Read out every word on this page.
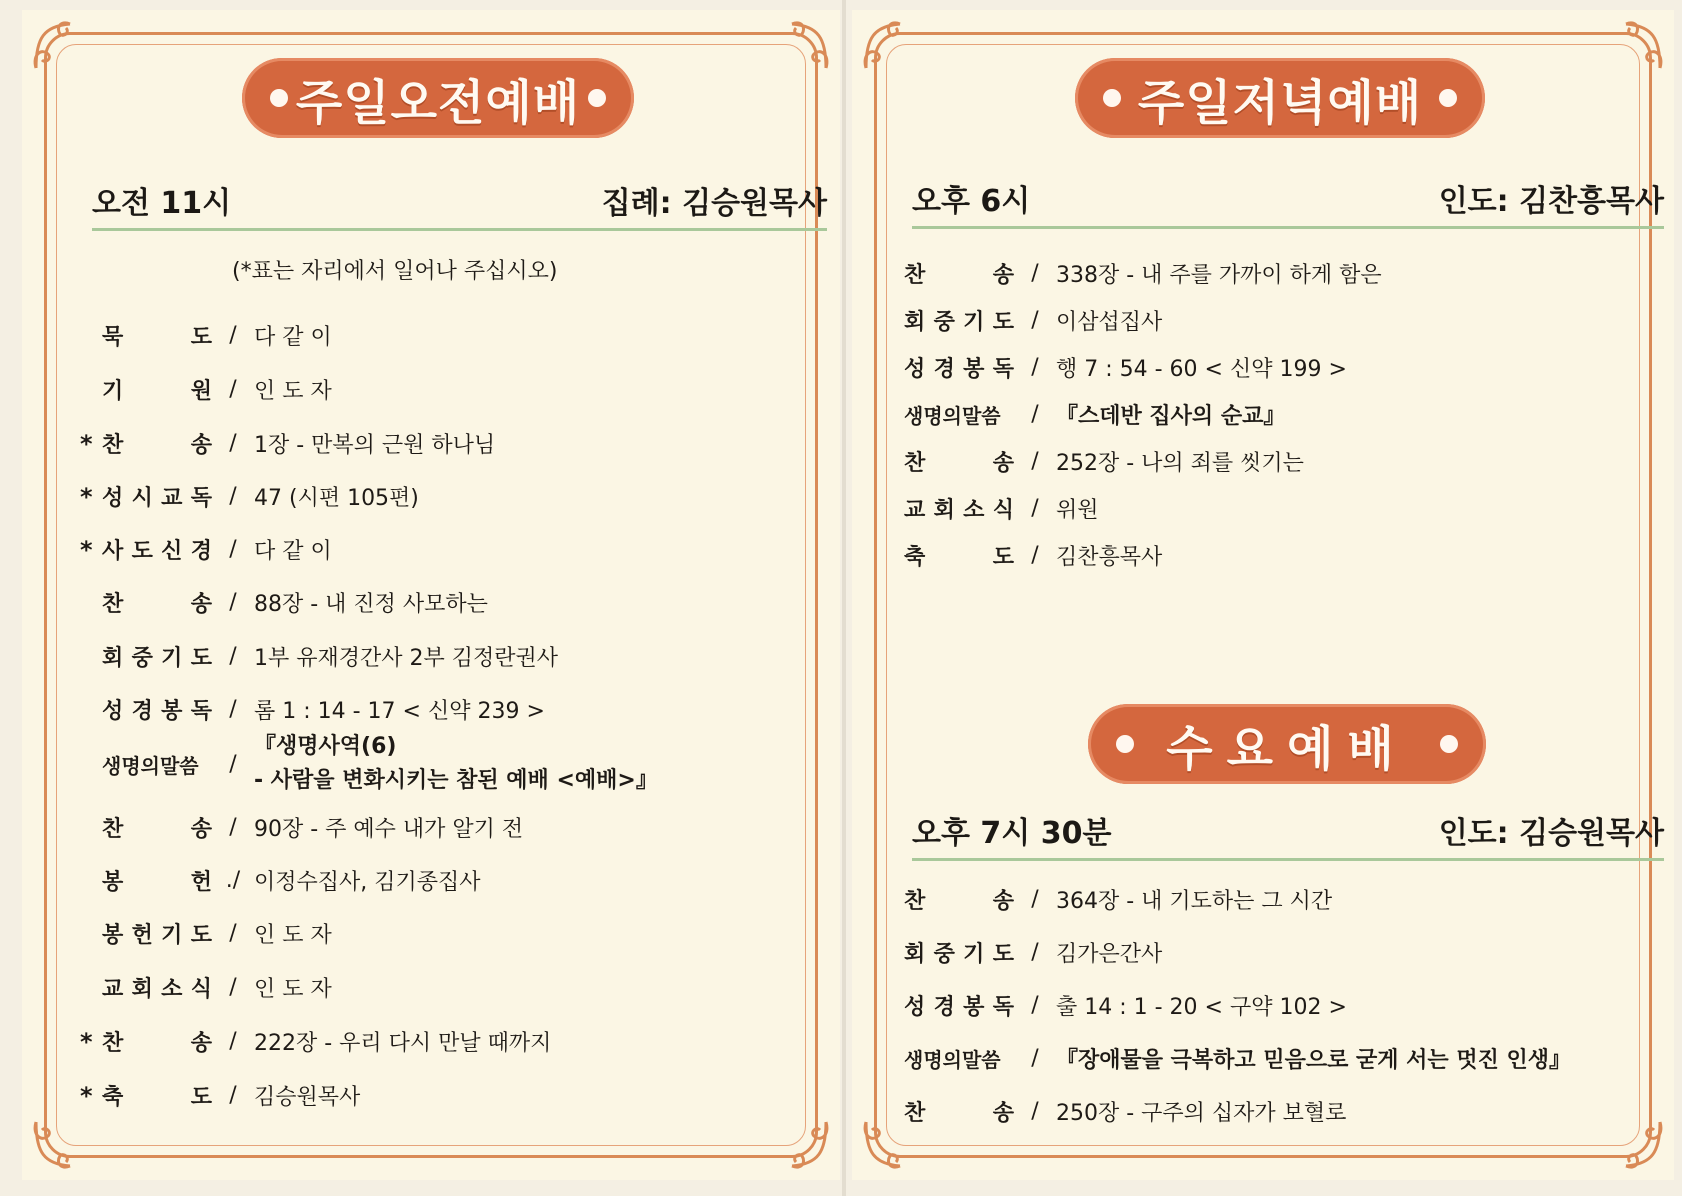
주일오전예배
오전 11시	집례: 김승원목사
(*표는 자리에서 일어나 주십시오)
묵	도 / 다 같 이
기	원 / 인 도 자
* 찬	송 / 1장 - 만복의 근원 하나님
* 성 시 교 독 / 47 (시편 105편)
* 사 도 신 경 / 다 같 이
찬	송 / 88장 - 내 진정 사모하는
회 중 기 도 / 1부 유재경간사 2부 김정란권사
성 경 봉 독 / 롬 1 : 14 - 17 < 신약 239 >
생명의말씀	/
『생명사역(6)
- 사람을 변화시키는 참된 예배 <예배>』
찬	송 / 90장 - 주 예수 내가 알기 전
봉	헌 ./ 이정수집사, 김기종집사
봉 헌 기 도 / 인 도 자
교 회 소 식 / 인 도 자
* 찬	송 / 222장 - 우리 다시 만날 때까지
* 축	도 / 김승원목사
주일저녁예배
오후 6시	인도: 김찬흥목사
찬	송 / 338장 - 내 주를 가까이 하게 함은
회 중 기 도 / 이삼섭집사
성 경 봉 독 / 행 7 : 54 - 60 < 신약 199 >
생명의말씀	/ 『스데반 집사의 순교』
찬	송 / 252장 - 나의 죄를 씻기는
교 회 소 식 / 위원
축	도 / 김찬흥목사
수요예배
오후 7시 30분	인도: 김승원목사
찬	송 / 364장 - 내 기도하는 그 시간
회 중 기 도 / 김가은간사
성 경 봉 독 / 출 14 : 1 - 20 < 구약 102 >
생명의말씀	/ 『장애물을 극복하고 믿음으로 굳게 서는 멋진 인생』
찬	송 / 250장 - 구주의 십자가 보혈로
